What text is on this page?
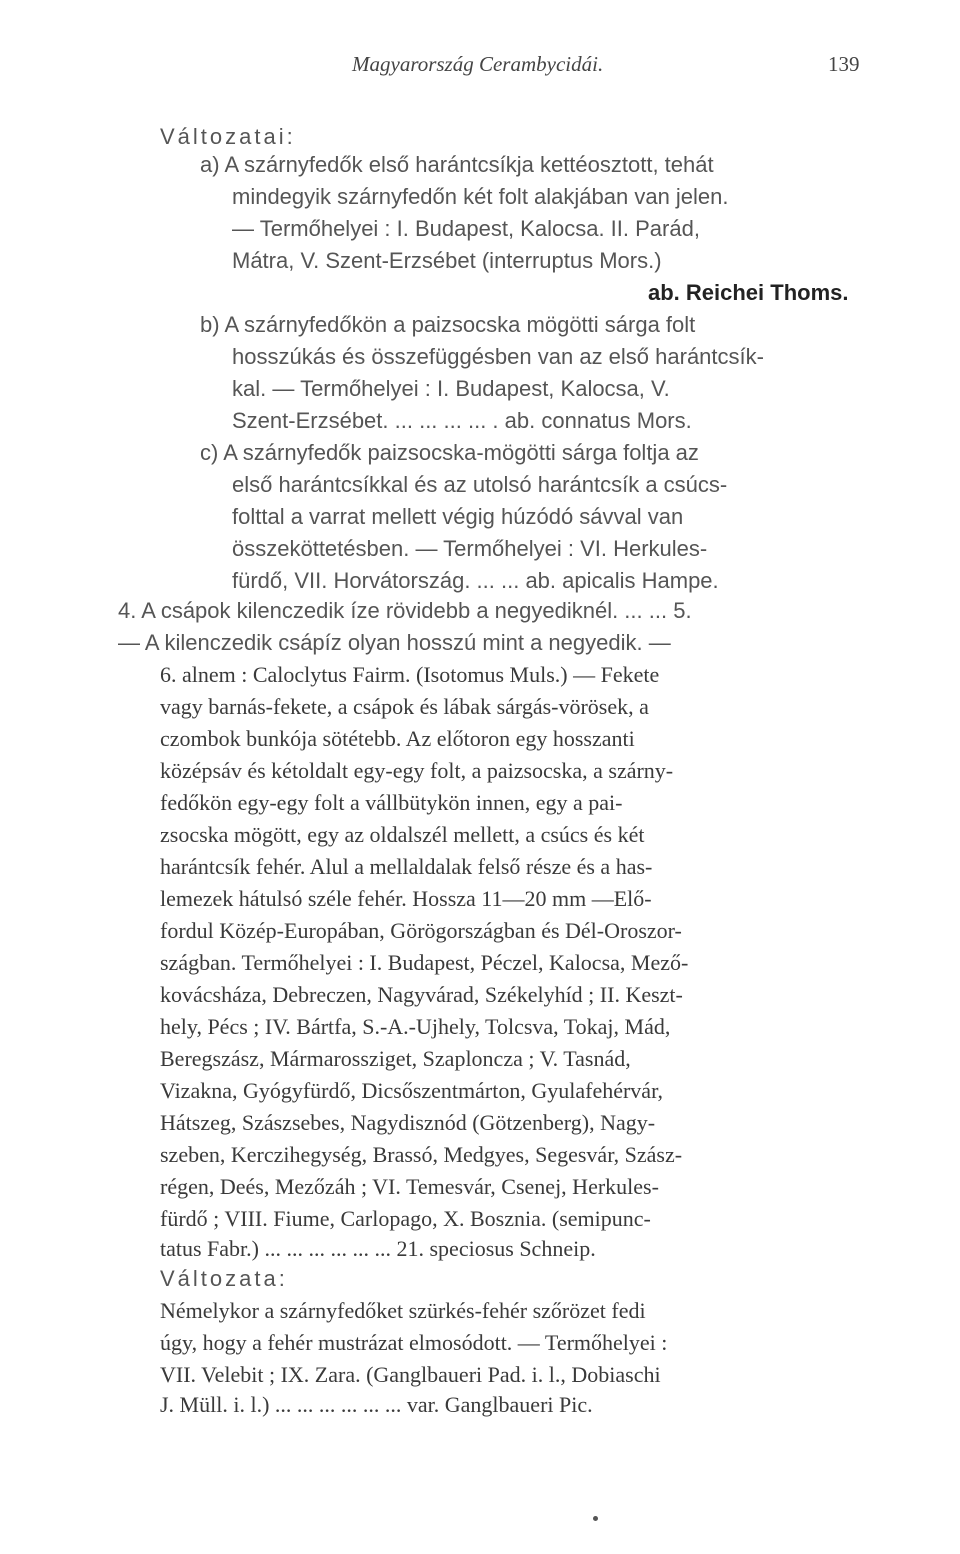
Magyarország Cerambycidái.	139
Változatai:
a) A szárnyfedők első harántcsíkja kettéosztott, tehát
mindegyik szárnyfedőn két folt alakjában van jelen.
— Termőhelyei : I. Budapest, Kalocsa. II. Parád,
Mátra, V. Szent-Erzsébet (interruptus Mors.)
ab. Reichei Thoms.
b) A szárnyfedőkön a paizsocska mögötti sárga folt
hosszúkás és összefüggésben van az első harántcsík-
kal. — Termőhelyei : I. Budapest, Kalocsa, V.
Szent-Erzsébet. ... ... ... ... . ab. connatus Mors.
c) A szárnyfedők paizsocska-mögötti sárga foltja az
első harántcsíkkal és az utolsó harántcsík a csúcs-
folttal a varrat mellett végig húzódó sávval van
összeköttetésben. — Termőhelyei : VI. Herkules-
fürdő, VII. Horvátország. ... ... ab. apicalis Hampe.
4. A csápok kilenczedik íze rövidebb a negyediknél. ... ... 5.
— A kilenczedik csápíz olyan hosszú mint a negyedik. —
6. alnem : Caloclytus Fairm. (Isotomus Muls.) — Fekete
vagy barnás-fekete, a csápok és lábak sárgás-vörösek, a
czombok bunkója sötétebb. Az előtoron egy hosszanti
középsáv és kétoldalt egy-egy folt, a paizsocska, a szárny-
fedőkön egy-egy folt a vállbütykön innen, egy a pai-
zsocska mögött, egy az oldalszél mellett, a csúcs és két
harántcsík fehér. Alul a mellaldalak felső része és a has-
lemezek hátulsó széle fehér. Hossza 11—20 mm —Elő-
fordul Közép-Europában, Görögországban és Dél-Oroszor-
szágban. Termőhelyei : I. Budapest, Péczel, Kalocsa, Mező-
kovácsháza, Debreczen, Nagyvárad, Székelyhíd ; II. Keszt-
hely, Pécs ; IV. Bártfa, S.-A.-Ujhely, Tolcsva, Tokaj, Mád,
Beregszász, Mármarossziget, Szaploncza ; V. Tasnád,
Vizakna, Gyógyfürdő, Dicsőszentmárton, Gyulafehérvár,
Hátszeg, Szászsebes, Nagydisznód (Götzenberg), Nagy-
szeben, Kerczihegység, Brassó, Medgyes, Segesvár, Szász-
régen, Deés, Mezőzáh ; VI. Temesvár, Csenej, Herkules-
fürdő ; VIII. Fiume, Carlopago, X. Bosznia. (semipunc-
tatus Fabr.) ... ... ... ... ... ... 21. speciosus Schneip.
Változata:
Némelykor a szárnyfedőket szürkés-fehér szőrözet fedi
úgy, hogy a fehér mustrázat elmosódott. — Termőhelyei :
VII. Velebit ; IX. Zara. (Ganglbaueri Pad. i. l., Dobiaschi
J. Müll. i. l.) ... ... ... ... ... ... var. Ganglbaueri Pic.
